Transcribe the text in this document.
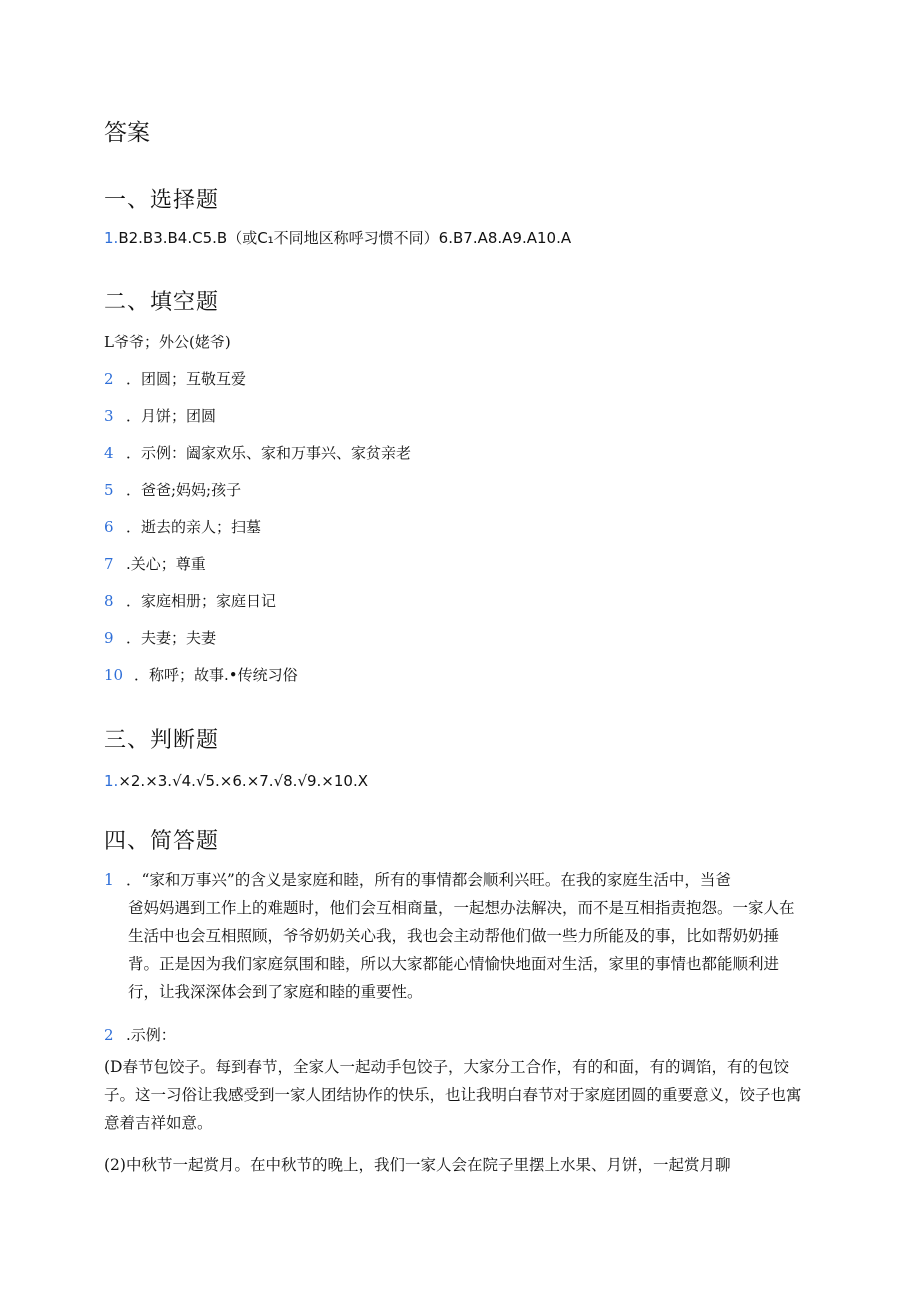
答案
一、选择题
1.B2.B3.B4.C5.B（或C₁不同地区称呼习惯不同）6.B7.A8.A9.A10.A
二、填空题
L爷爷；外公(姥爷)
2 ．团圆；互敬互爱
3 ．月饼；团圆
4 ．示例：阖家欢乐、家和万事兴、家贫亲老
5 ．爸爸;妈妈;孩子
6 ．逝去的亲人；扫墓
7 .关心；尊重
8 ．家庭相册；家庭日记
9 ．夫妻；夫妻
10 ．称呼；故事.•传统习俗
三、判断题
1.×2.×3.√4.√5.×6.×7.√8.√9.×10.X
四、简答题
1 ．“家和万事兴”的含义是家庭和睦，所有的事情都会顺利兴旺。在我的家庭生活中，当爸
爸妈妈遇到工作上的难题时，他们会互相商量，一起想办法解决，而不是互相指责抱怨。一家人在生活中也会互相照顾，爷爷奶奶关心我，我也会主动帮他们做一些力所能及的事，比如帮奶奶捶背。正是因为我们家庭氛围和睦，所以大家都能心情愉快地面对生活，家里的事情也都能顺利进行，让我深深体会到了家庭和睦的重要性。
2 .示例：
(D春节包饺子。每到春节，全家人一起动手包饺子，大家分工合作，有的和面，有的调馅，有的包饺子。这一习俗让我感受到一家人团结协作的快乐，也让我明白春节对于家庭团圆的重要意义，饺子也寓意着吉祥如意。
(2)中秋节一起赏月。在中秋节的晚上，我们一家人会在院子里摆上水果、月饼，一起赏月聊
